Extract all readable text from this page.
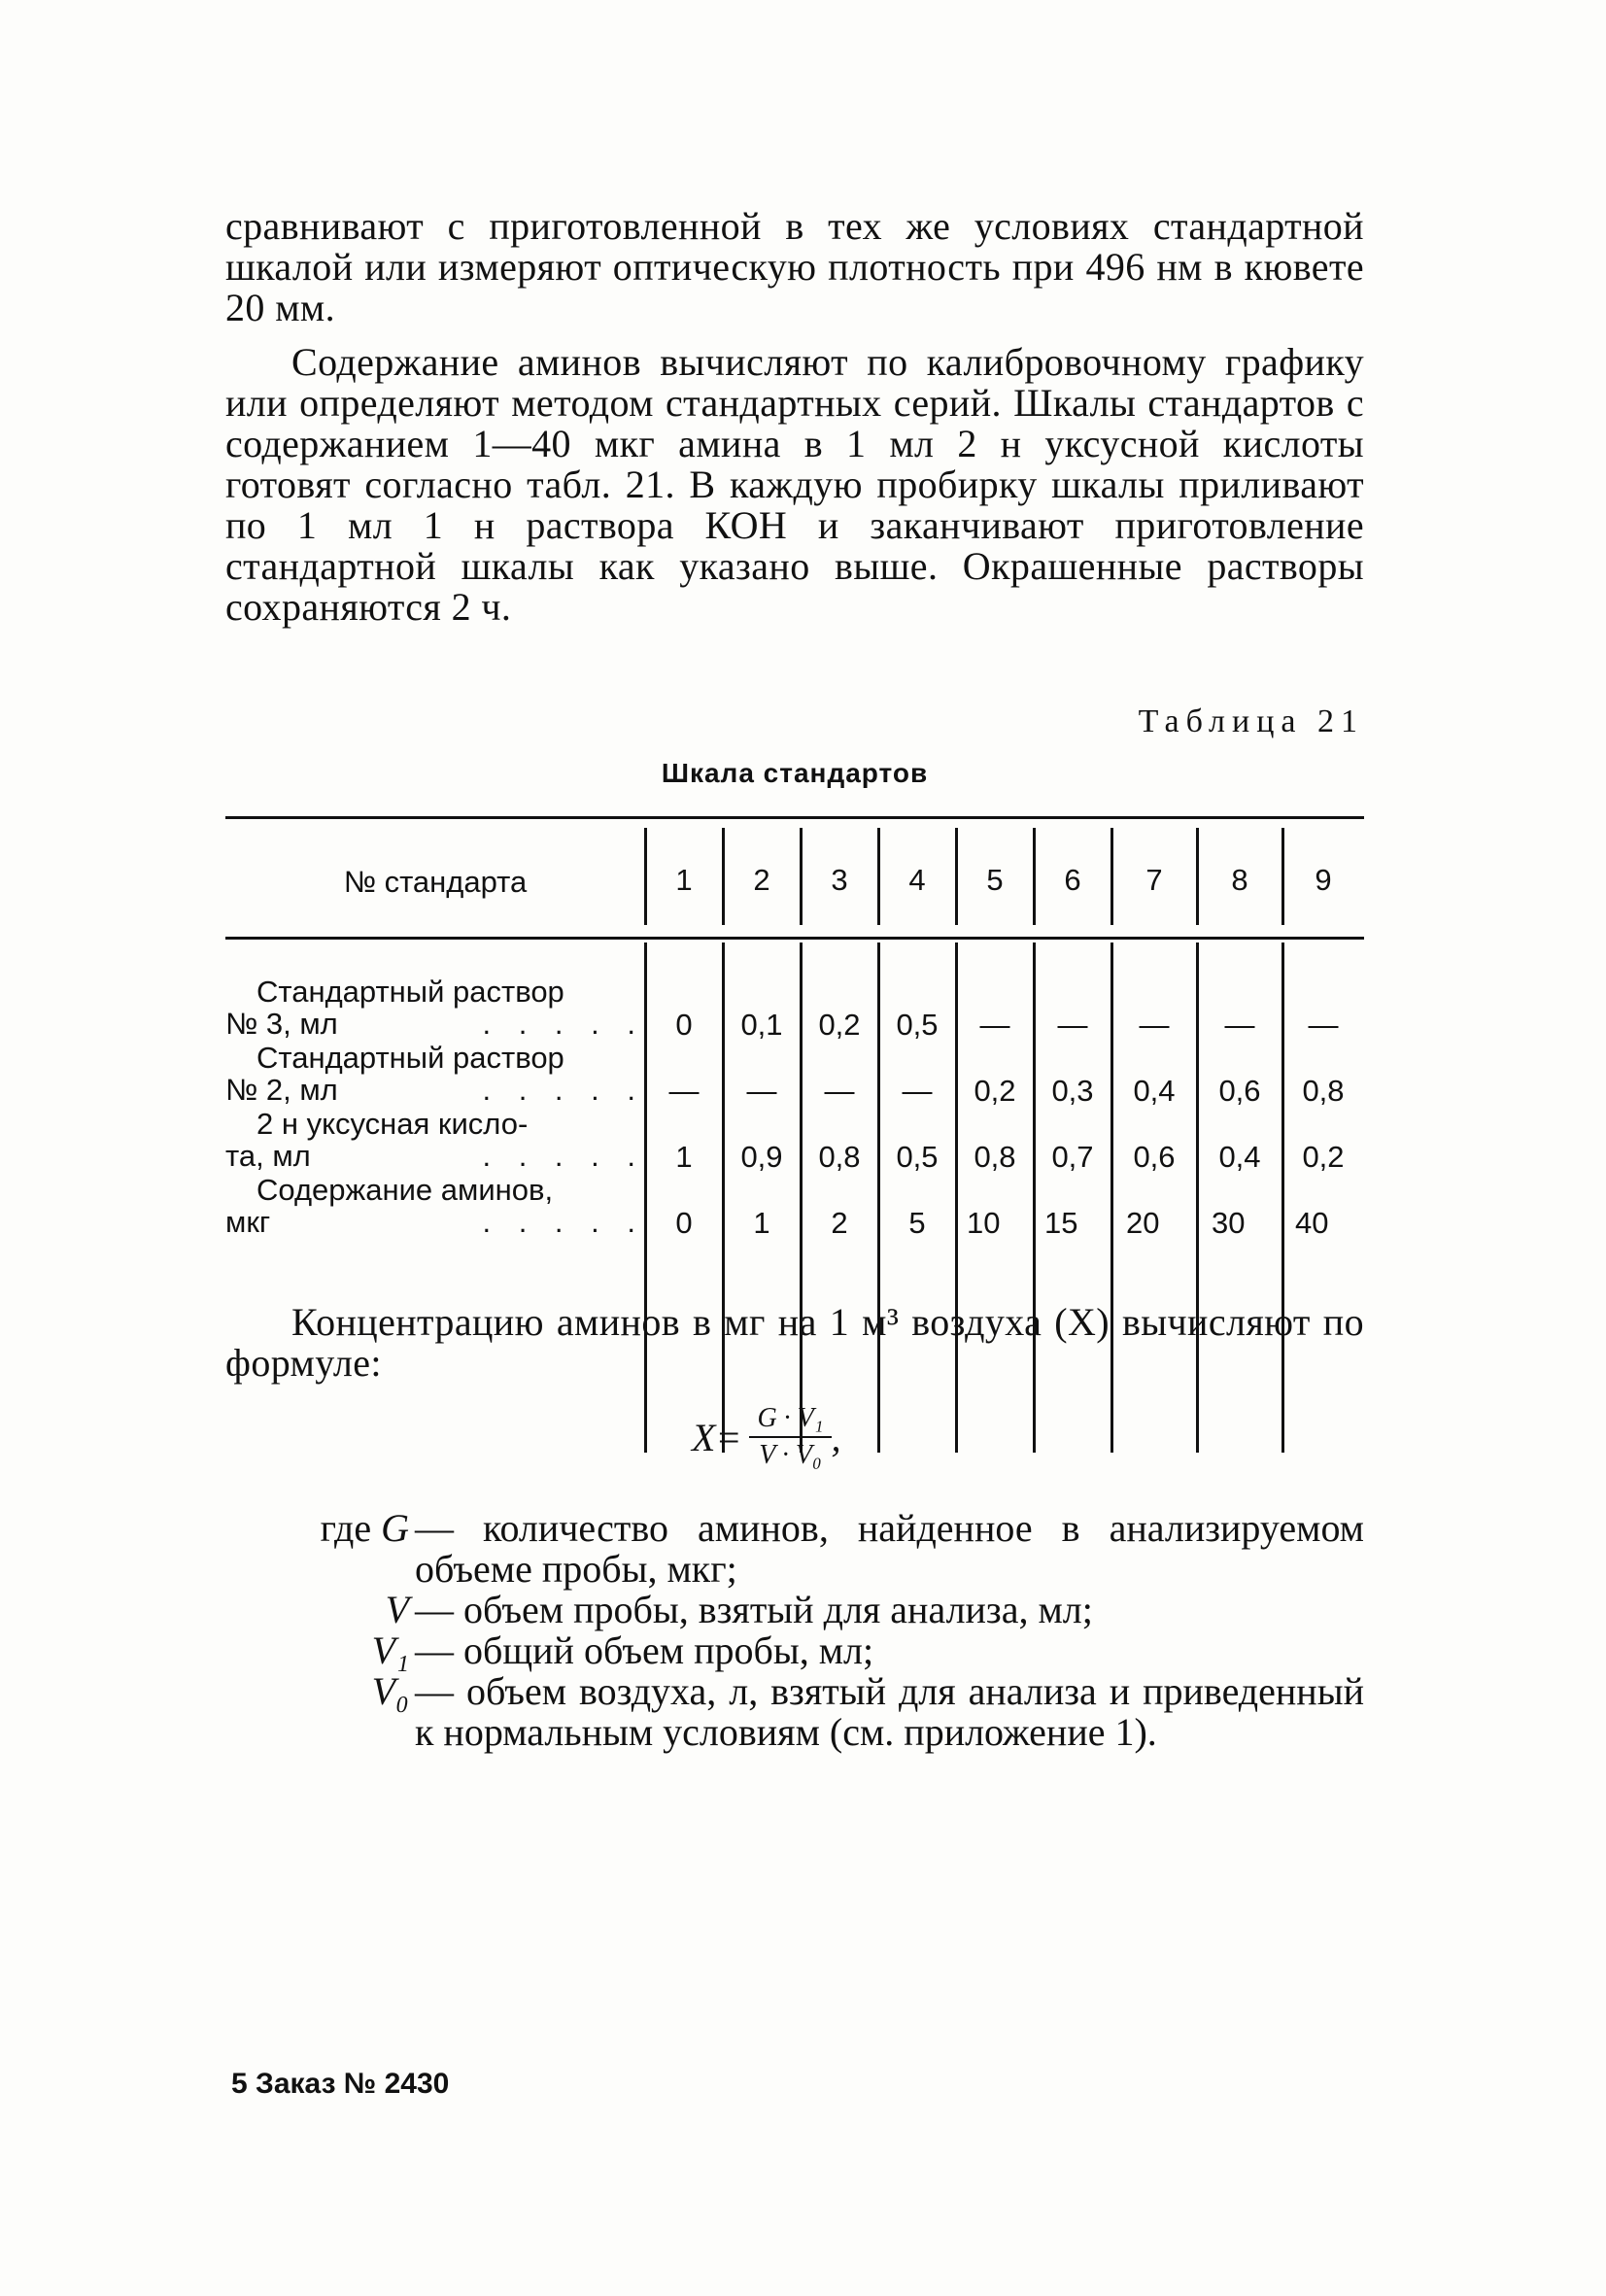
сравнивают с приготовленной в тех же условиях стандартной шкалой или измеряют оптическую плотность при 496 нм в кювете 20 мм.

Содержание аминов вычисляют по калибровочному графику или определяют методом стандартных серий. Шкалы стандартов с содержанием 1—40 мкг амина в 1 мл 2 н уксусной кислоты готовят согласно табл. 21. В каждую пробирку шкалы приливают по 1 мл 1 н раствора КОН и заканчивают приготовление стандартной шкалы как указано выше. Окрашенные растворы сохраняются 2 ч.

Таблица 21
Шкала стандартов
№ стандарта	1	2	3	4	5	6	7	8	9
Стандартный раствор
№ 3, мл	. . . . .	0	0,1	0,2	0,5	—	—	—	—	—
Стандартный раствор
№ 2, мл	. . . . . —	—	—	—	0,2	0,3	0,4	0,6	0,8
2 н уксусная кисло-
та, мл	. . . . .	1	0,9	0,8	0,5	0,8	0,7	0,6	0,4	0,2
Содержание аминов,
мкг	. . . . .	0	1	2	5	10	15	20	30	40

Концентрацию аминов в мг на 1 м³ воздуха (X) вычисляют по формуле:

$X= \frac{\text{G · V₁}}{\text{V · V₀}}$ ,
где G — количество аминов, найденное в анализируемом объеме пробы, мкг;
V — объем пробы, взятый для анализа, мл;
V₁ — общий объем пробы, мл;
V₀ — объем воздуха, л, взятый для анализа и приведенный к нормальным условиям (см. приложение 1).
5 Заказ № 2430
